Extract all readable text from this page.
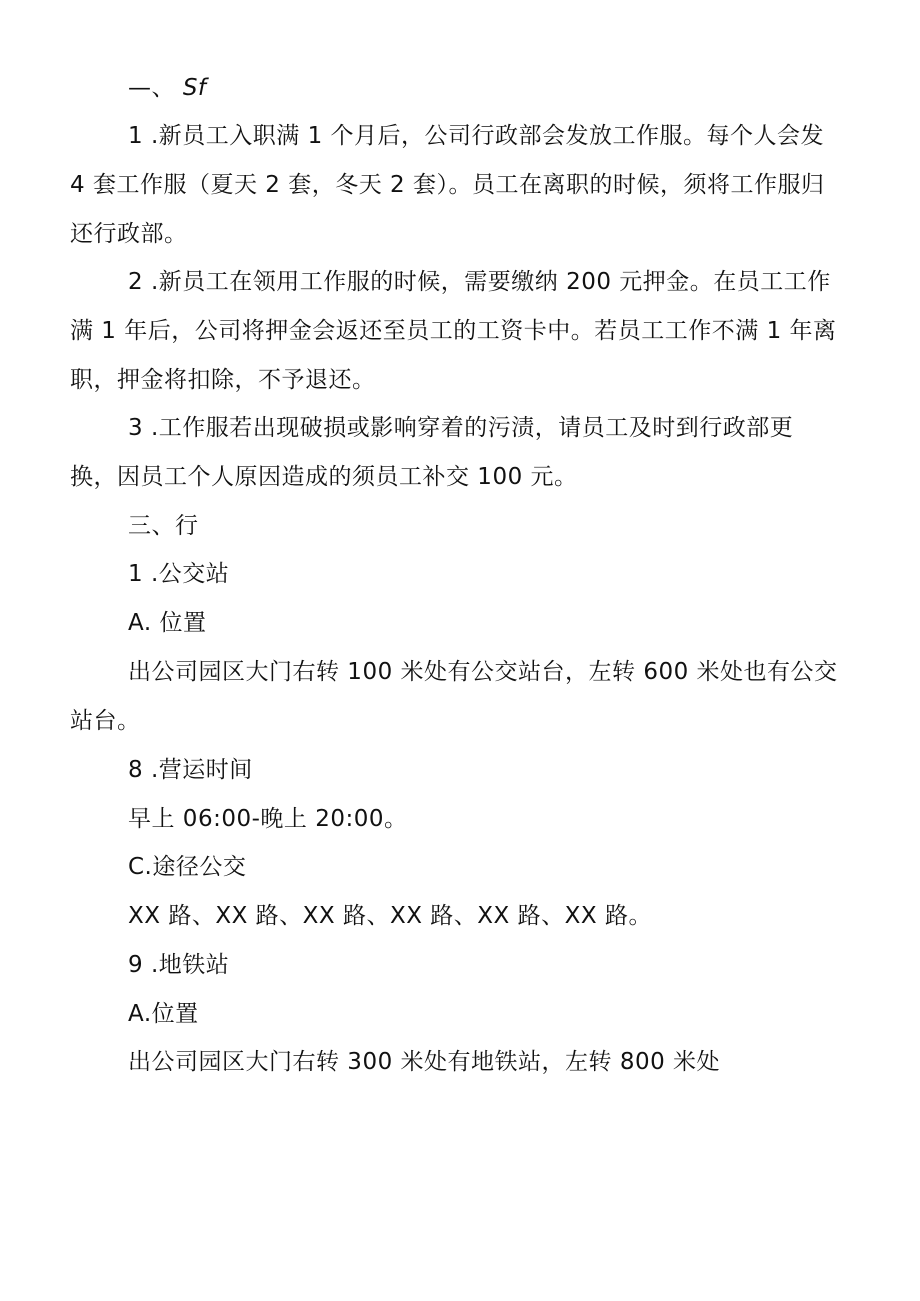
—、 Sf
1 .新员工入职满 1 个月后，公司行政部会发放工作服。每个人会发
4 套工作服（夏天 2 套，冬天 2 套）。员工在离职的时候，须将工作服归
还行政部。
2 .新员工在领用工作服的时候，需要缴纳 200 元押金。在员工工作
满 1 年后，公司将押金会返还至员工的工资卡中。若员工工作不满 1 年离
职，押金将扣除，不予退还。
3 .工作服若出现破损或影响穿着的污渍，请员工及时到行政部更
换，因员工个人原因造成的须员工补交 100 元。
三、行
1 .公交站
A. 位置
出公司园区大门右转 100 米处有公交站台，左转 600 米处也有公交
站台。
8 .营运时间
早上 06:00-晚上 20:00。
C.途径公交
XX 路、XX 路、XX 路、XX 路、XX 路、XX 路。
9 .地铁站
A.位置
出公司园区大门右转 300 米处有地铁站，左转 800 米处
